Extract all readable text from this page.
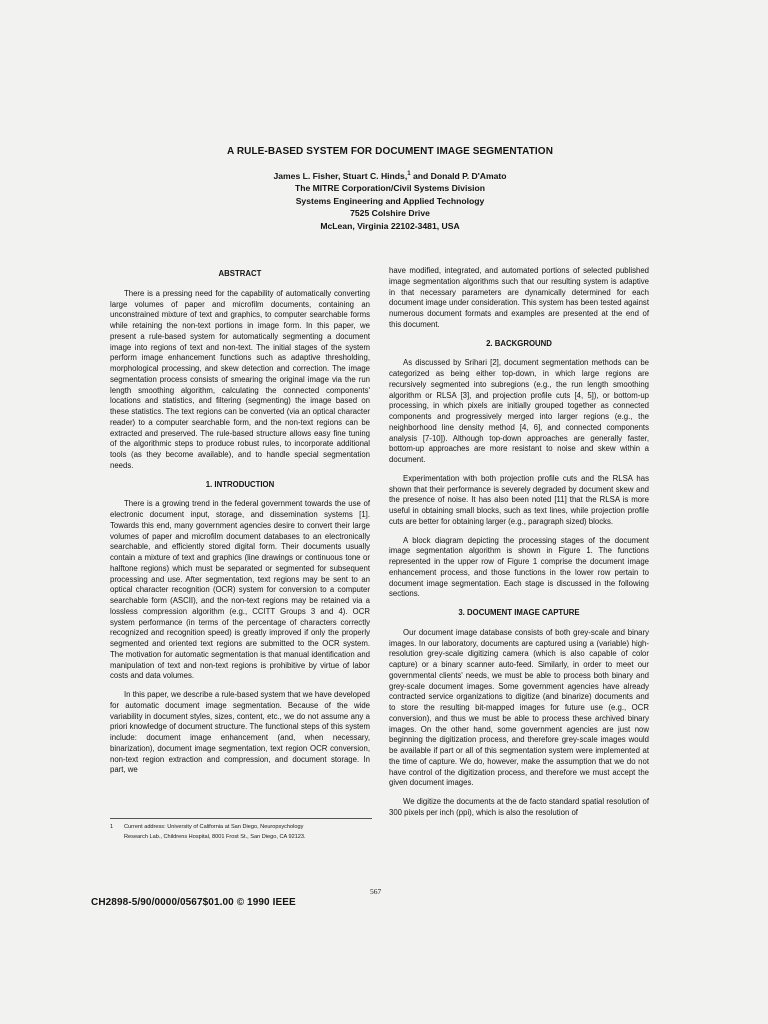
A RULE-BASED SYSTEM FOR DOCUMENT IMAGE SEGMENTATION
James L. Fisher, Stuart C. Hinds,$^1$ and Donald P. D'Amato
The MITRE Corporation/Civil Systems Division
Systems Engineering and Applied Technology
7525 Colshire Drive
McLean, Virginia 22102-3481, USA
ABSTRACT

There is a pressing need for the capability of automatically converting large volumes of paper and microfilm documents, containing an unconstrained mixture of text and graphics, to computer searchable forms while retaining the non-text portions in image form. In this paper, we present a rule-based system for automatically segmenting a document image into regions of text and non-text. The initial stages of the system perform image enhancement functions such as adaptive thresholding, morphological processing, and skew detection and correction. The image segmentation process consists of smearing the original image via the run length smoothing algorithm, calculating the connected components' locations and statistics, and filtering (segmenting) the image based on these statistics. The text regions can be converted (via an optical character reader) to a computer searchable form, and the non-text regions can be extracted and preserved. The rule-based structure allows easy fine tuning of the algorithmic steps to produce robust rules, to incorporate additional tools (as they become available), and to handle special segmentation needs.

1. INTRODUCTION

There is a growing trend in the federal government towards the use of electronic document input, storage, and dissemination systems [1]. Towards this end, many government agencies desire to convert their large volumes of paper and microfilm document databases to an electronically searchable, and efficiently stored digital form. Their documents usually contain a mixture of text and graphics (line drawings or continuous tone or halftone regions) which must be separated or segmented for subsequent processing and use. After segmentation, text regions may be sent to an optical character recognition (OCR) system for conversion to a computer searchable form (ASCII), and the non-text regions may be retained via a lossless compression algorithm (e.g., CCITT Groups 3 and 4). OCR system performance (in terms of the percentage of characters correctly recognized and recognition speed) is greatly improved if only the properly segmented and oriented text regions are submitted to the OCR system. The motivation for automatic segmentation is that manual identification and manipulation of text and non-text regions is prohibitive by virtue of labor costs and data volumes.

In this paper, we describe a rule-based system that we have developed for automatic document image segmentation. Because of the wide variability in document styles, sizes, content, etc., we do not assume any a priori knowledge of document structure. The functional steps of this system include: document image enhancement (and, when necessary, binarization), document image segmentation, text region OCR conversion, non-text region extraction and compression, and document storage. In part, we

have modified, integrated, and automated portions of selected published image segmentation algorithms such that our resulting system is adaptive in that necessary parameters are dynamically determined for each document image under consideration. This system has been tested against numerous document formats and examples are presented at the end of this document.

2. BACKGROUND

As discussed by Srihari [2], document segmentation methods can be categorized as being either top-down, in which large regions are recursively segmented into subregions (e.g., the run length smoothing algorithm or RLSA [3], and projection profile cuts [4, 5]), or bottom-up processing, in which pixels are initially grouped together as connected components and progressively merged into larger regions (e.g., the neighborhood line density method [4, 6], and connected components analysis [7-10]). Although top-down approaches are generally faster, bottom-up approaches are more resistant to noise and skew within a document.

Experimentation with both projection profile cuts and the RLSA has shown that their performance is severely degraded by document skew and the presence of noise. It has also been noted [11] that the RLSA is more useful in obtaining small blocks, such as text lines, while projection profile cuts are better for obtaining larger (e.g., paragraph sized) blocks.

A block diagram depicting the processing stages of the document image segmentation algorithm is shown in Figure 1. The functions represented in the upper row of Figure 1 comprise the document image enhancement process, and those functions in the lower row pertain to document image segmentation. Each stage is discussed in the following sections.

3. DOCUMENT IMAGE CAPTURE

Our document image database consists of both grey-scale and binary images. In our laboratory, documents are captured using a (variable) high-resolution grey-scale digitizing camera (which is also capable of color capture) or a binary scanner auto-feed. Similarly, in order to meet our governmental clients' needs, we must be able to process both binary and grey-scale document images. Some government agencies have already contracted service organizations to digitize (and binarize) documents and to store the resulting bit-mapped images for future use (e.g., OCR conversion), and thus we must be able to process these archived binary images. On the other hand, some government agencies are just now beginning the digitization process, and therefore grey-scale images would be available if part or all of this segmentation system were implemented at the time of capture. We do, however, make the assumption that we do not have control of the digitization process, and therefore we must accept the given document images.

We digitize the documents at the de facto standard spatial resolution of 300 pixels per inch (ppi), which is also the resolution of

1 Current address: University of California at San Diego, Neuropsychology
Research Lab., Childrens Hospital, 8001 Frost St., San Diego, CA 92123.
567
CH2898-5/90/0000/0567$01.00 © 1990 IEEE
